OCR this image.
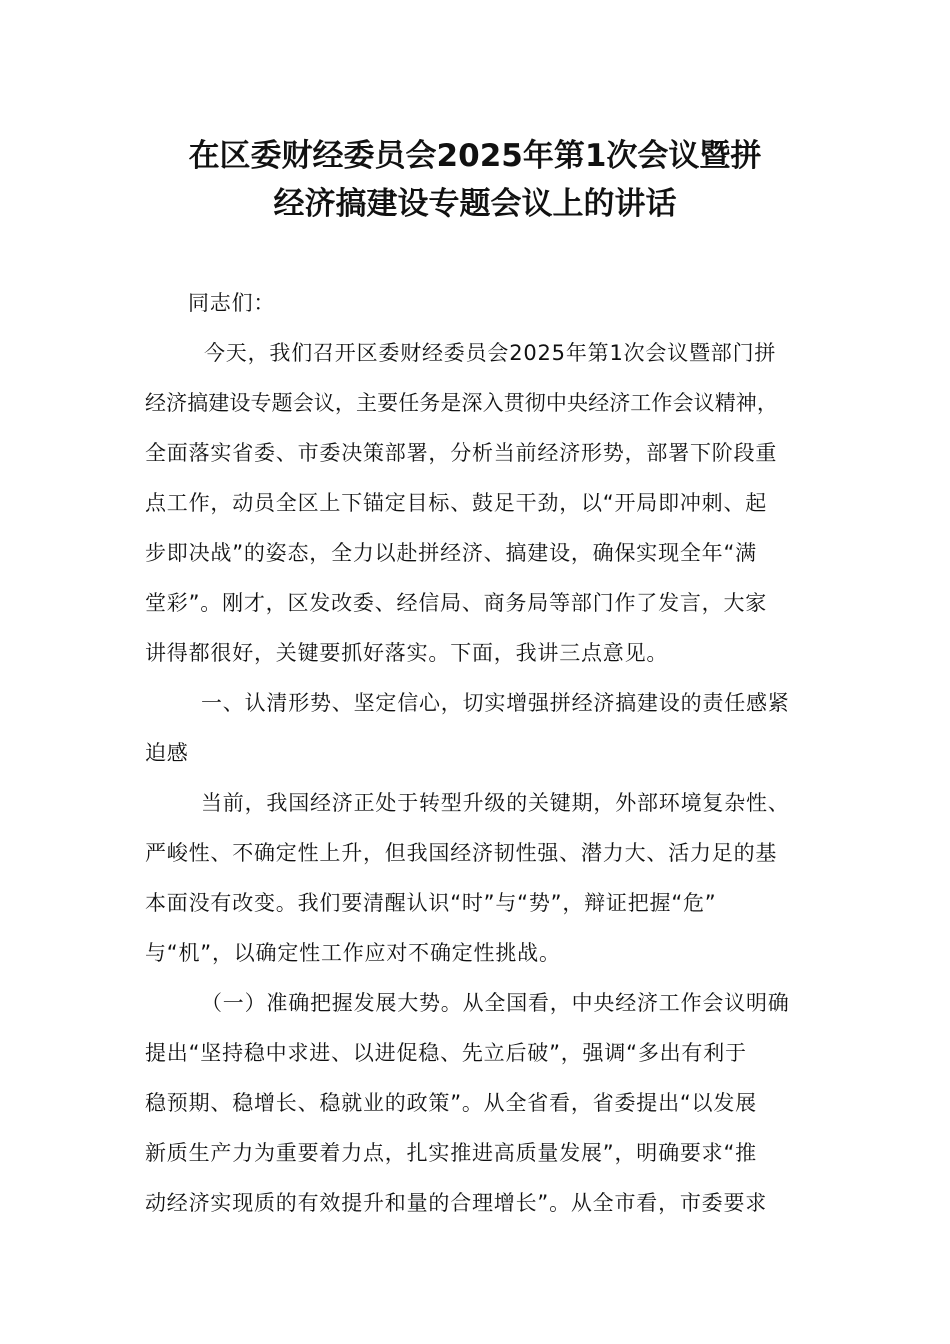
在区委财经委员会2025年第1次会议暨拼
经济搞建设专题会议上的讲话
同志们：
今天，我们召开区委财经委员会2025年第1次会议暨部门拼
经济搞建设专题会议，主要任务是深入贯彻中央经济工作会议精神，
全面落实省委、市委决策部署，分析当前经济形势，部署下阶段重
点工作，动员全区上下锚定目标、鼓足干劲，以“开局即冲刺、起
步即决战”的姿态，全力以赴拼经济、搞建设，确保实现全年“满
堂彩”。刚才，区发改委、经信局、商务局等部门作了发言，大家
讲得都很好，关键要抓好落实。下面，我讲三点意见。
一、认清形势、坚定信心，切实增强拼经济搞建设的责任感紧
迫感
当前，我国经济正处于转型升级的关键期，外部环境复杂性、
严峻性、不确定性上升，但我国经济韧性强、潜力大、活力足的基
本面没有改变。我们要清醒认识“时”与“势”，辩证把握“危”
与“机”，以确定性工作应对不确定性挑战。
（一）准确把握发展大势。从全国看，中央经济工作会议明确
提出“坚持稳中求进、以进促稳、先立后破”，强调“多出有利于
稳预期、稳增长、稳就业的政策”。从全省看，省委提出“以发展
新质生产力为重要着力点，扎实推进高质量发展”，明确要求“推
动经济实现质的有效提升和量的合理增长”。从全市看，市委要求
